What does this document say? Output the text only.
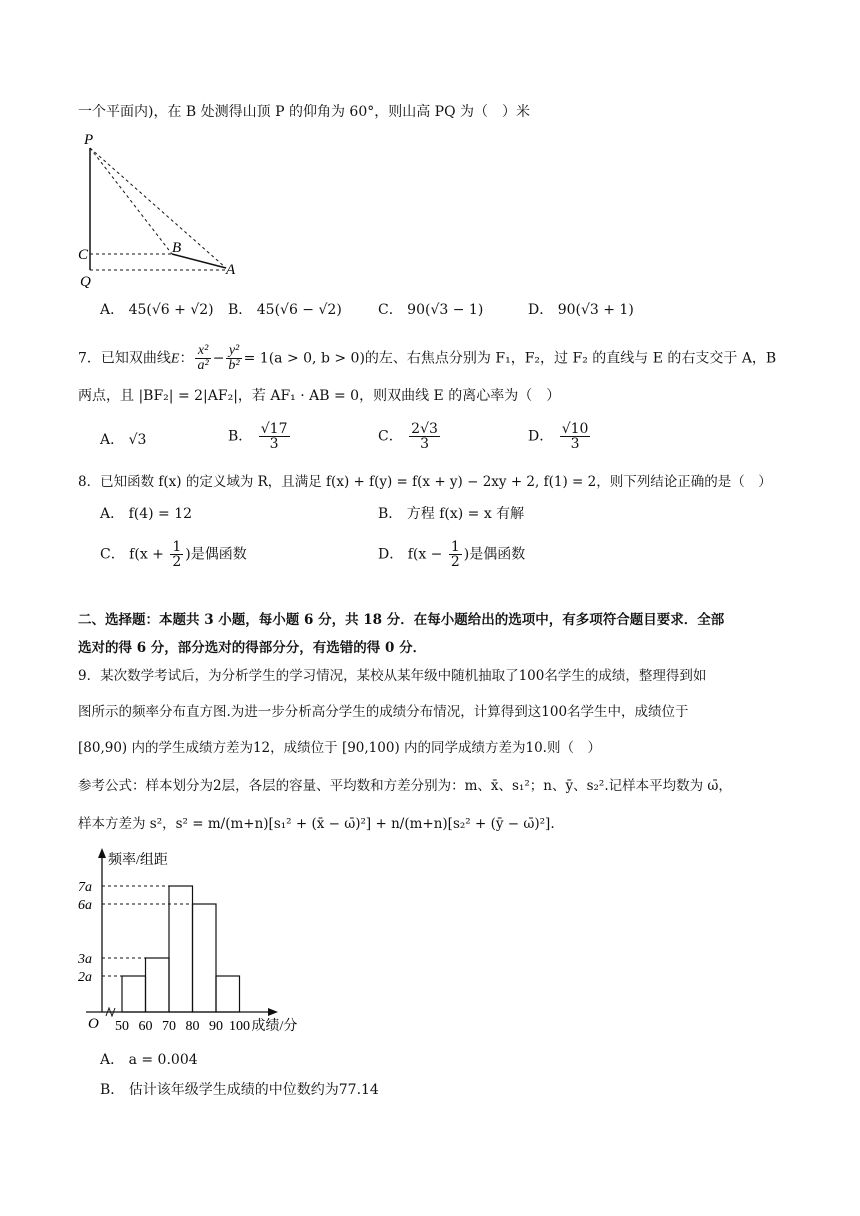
一个平面内)，在 B 处测得山顶 P 的仰角为 60°，则山高 PQ 为（　）米
P
C	B
Q
A
A． 45(√6 + √2) B． 45(√6 − √2)	C． 90(√3 − 1)	D． 90(√3 + 1)
7．已知双曲线E： $\frac{\text{x²}}{\text{a²}} - \frac{\text{y²}}{\text{b²}} = 1(a > 0$, b > 0)的左、右焦点分别为 F₁，F₂，过 F₂ 的直线与 E 的右支交于 A，B
两点，且 |BF₂| = 2|AF₂|，若 AF₁ · AB = 0，则双曲线 E 的离心率为（　）
A． √3	B． $\frac{√17}{3}$	C． $\frac{2√3}{3}$	D． $\frac{√10}{3}$
8．已知函数 f(x) 的定义域为 R，且满足 f(x) + f(y) = f(x + y) − 2xy + 2, f(1) = 2，则下列结论正确的是（　）
A． f(4) = 12	B． 方程 f(x) = x 有解
C． $f(x + \frac{1}{2}$ )是偶函数	D． $f(x - \frac{1}{2}$ )是偶函数
二、选择题：本题共 3 小题，每小题 6 分，共 18 分．在每小题给出的选项中，有多项符合题目要求．全部
选对的得 6 分，部分选对的得部分分，有选错的得 0 分．
9．某次数学考试后，为分析学生的学习情况，某校从某年级中随机抽取了100名学生的成绩，整理得到如
图所示的频率分布直方图.为进一步分析高分学生的成绩分布情况，计算得到这100名学生中，成绩位于
[80,90) 内的学生成绩方差为12，成绩位于 [90,100) 内的同学成绩方差为10.则（　）
参考公式：样本划分为2层，各层的容量、平均数和方差分别为：m、x̄、s₁²；n、ȳ、s₂².记样本平均数为 ω̄，
样本方差为 s²，s² = m/(m+n)[s₁² + (x̄ − ω̄)²] + n/(m+n)[s₂² + (ȳ − ω̄)²].
2a
3a
6a
7a
50 60 70 80 90 100
O
频率/组距
成绩/分
A． a = 0.004
B． 估计该年级学生成绩的中位数约为77.14
